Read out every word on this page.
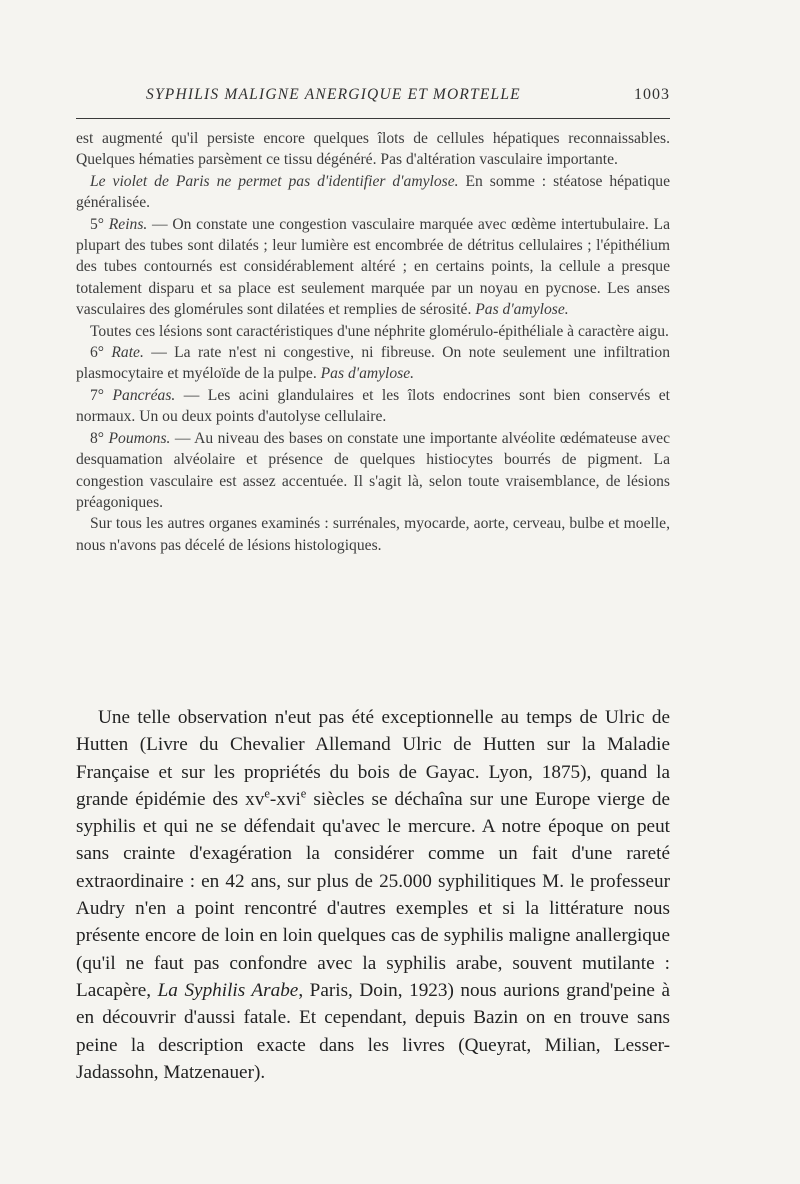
SYPHILIS MALIGNE ANERGIQUE ET MORTELLE	1003

est augmenté qu'il persiste encore quelques îlots de cellules hépatiques reconnaissables. Quelques hématies parsèment ce tissu dégénéré. Pas d'altération vasculaire importante.

Le violet de Paris ne permet pas d'identifier d'amylose. En somme : stéatose hépatique généralisée.

5° Reins. — On constate une congestion vasculaire marquée avec œdème intertubulaire. La plupart des tubes sont dilatés ; leur lumière est encombrée de détritus cellulaires ; l'épithélium des tubes contournés est considérablement altéré ; en certains points, la cellule a presque totalement disparu et sa place est seulement marquée par un noyau en pycnose. Les anses vasculaires des glomérules sont dilatées et remplies de sérosité. Pas d'amylose.

Toutes ces lésions sont caractéristiques d'une néphrite glomérulo-épithéliale à caractère aigu.

6° Rate. — La rate n'est ni congestive, ni fibreuse. On note seulement une infiltration plasmocytaire et myéloïde de la pulpe. Pas d'amylose.

7° Pancréas. — Les acini glandulaires et les îlots endocrines sont bien conservés et normaux. Un ou deux points d'autolyse cellulaire.

8° Poumons. — Au niveau des bases on constate une importante alvéolite œdémateuse avec desquamation alvéolaire et présence de quelques histiocytes bourrés de pigment. La congestion vasculaire est assez accentuée. Il s'agit là, selon toute vraisemblance, de lésions préagoniques.

Sur tous les autres organes examinés : surrénales, myocarde, aorte, cerveau, bulbe et moelle, nous n'avons pas décelé de lésions histologiques.

Une telle observation n'eut pas été exceptionnelle au temps de Ulric de Hutten (Livre du Chevalier Allemand Ulric de Hutten sur la Maladie Française et sur les propriétés du bois de Gayac. Lyon, 1875), quand la grande épidémie des $xv^e-xvi^e$ siècles se déchaîna sur une Europe vierge de syphilis et qui ne se défendait qu'avec le mercure. A notre époque on peut sans crainte d'exagération la considérer comme un fait d'une rareté extraordinaire : en 42 ans, sur plus de 25.000 syphilitiques M. le professeur Audry n'en a point rencontré d'autres exemples et si la littérature nous présente encore de loin en loin quelques cas de syphilis maligne anallergique (qu'il ne faut pas confondre avec la syphilis arabe, souvent mutilante : Lacapère, La Syphilis Arabe, Paris, Doin, 1923) nous aurions grand'peine à en découvrir d'aussi fatale. Et cependant, depuis Bazin on en trouve sans peine la description exacte dans les livres (Queyrat, Milian, Lesser-Jadassohn, Matzenauer).
